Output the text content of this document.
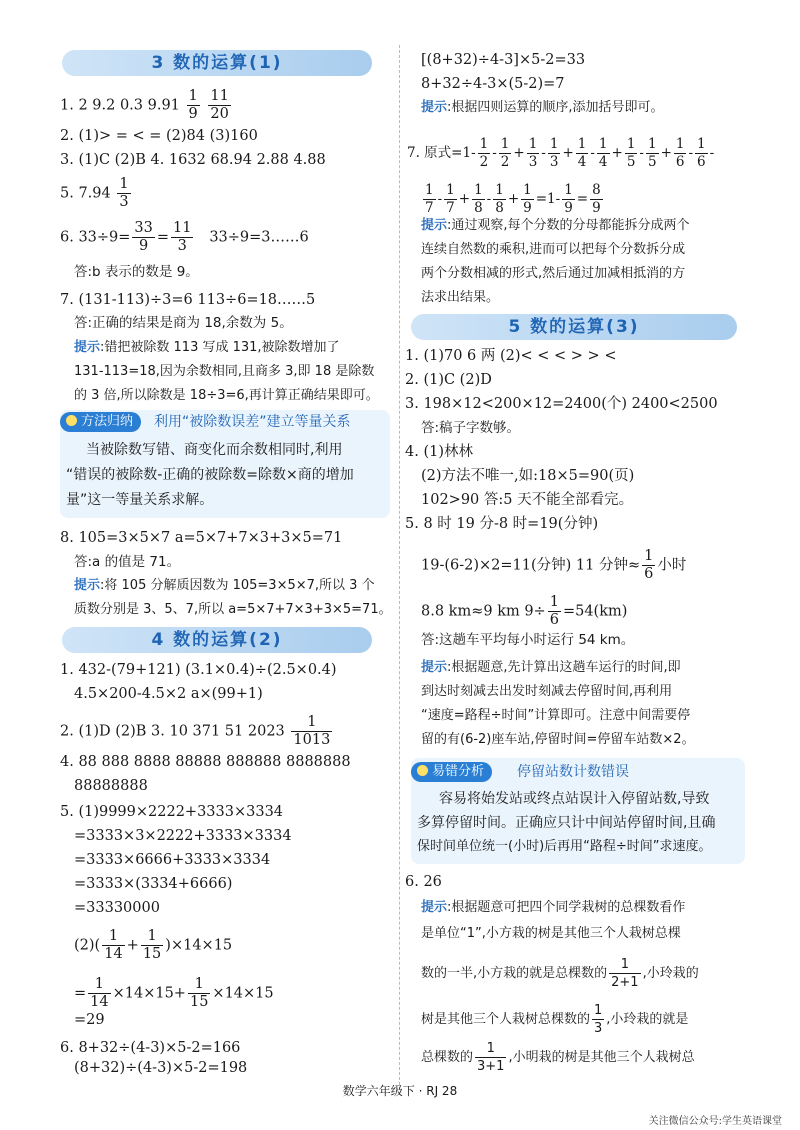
3 数的运算(1)
1. 2 9.2 0.3 $9.91 \frac{1}{9}$
$\frac{11}{20}$
2. (1)> = < = (2)84 (3)160
3. (1)C (2)B 4. 1632 68.94 2.88 4.88
5. $7.94 \frac{1}{3}$
6. $33\div 9= \frac{33}{9} = \frac{11}{3}$ 33÷9=3……6
答:b 表示的数是 9。
7. (131-113)÷3=6 113÷6=18……5
答:正确的结果是商为 18,余数为 5。
提示:错把被除数 113 写成 131,被除数增加了
131-113=18,因为余数相同,且商多 3,即 18 是除数
的 3 倍,所以除数是 18÷3=6,再计算正确结果即可。
方法归纳	利用“被除数误差”建立等量关系
当被除数写错、商变化而余数相同时,利用
“错误的被除数-正确的被除数=除数×商的增加
量”这一等量关系求解。
8. 105=3×5×7 a=5×7+7×3+3×5=71
答:a 的值是 71。
提示:将 105 分解质因数为 105=3×5×7,所以 3 个
质数分别是 3、5、7,所以 a=5×7+7×3+3×5=71。
4 数的运算(2)
1. 432-(79+121) (3.1×0.4)÷(2.5×0.4)
4.5×200-4.5×2 a×(99+1)
2. (1)D (2)B 3. 10 371 51 $2023 \frac{1}{1013}$
4. 88 888 8888 88888 888888 8888888
88888888
5. (1)9999×2222+3333×3334
=3333×3×2222+3333×3334
=3333×6666+3333×3334
=3333×(3334+6666)
=33330000
$(2)( \frac{1}{14} + \frac{1}{15} )\times 14\times 15$
= $\frac{1}{14} \times 14\times 15+ \frac{1}{15} \times 14\times 15$
=29
6. 8+32÷(4-3)×5-2=166
(8+32)÷(4-3)×5-2=198
[(8+32)÷4-3]×5-2=33
8+32÷4-3×(5-2)=7
提示:根据四则运算的顺序,添加括号即可。
7. 原式$=1- \frac{1}{2} - \frac{1}{2} + \frac{1}{3} - \frac{1}{3} + \frac{1}{4} - \frac{1}{4} + \frac{1}{5} - \frac{1}{5} + \frac{1}{6} - \frac{1}{6}$ -
$\frac{1}{7} - \frac{1}{7} + \frac{1}{8} - \frac{1}{8} + \frac{1}{9} =1- \frac{1}{9} = \frac{8}{9}$
提示:通过观察,每个分数的分母都能拆分成两个
连续自然数的乘积,进而可以把每个分数拆分成
两个分数相减的形式,然后通过加减相抵消的方
法求出结果。
5 数的运算(3)
1. (1)70 6 两 (2)< < < > > <
2. (1)C (2)D
3. 198×12<200×12=2400(个) 2400<2500
答:稿子字数够。
4. (1)林林
(2)方法不唯一,如:18×5=90(页)
102>90 答:5 天不能全部看完。
5. 8 时 19 分-8 时=19(分钟)
19-(6-2)×2=11(分钟) 11 分钟≈ $\frac{1}{6}$ 小时
8.8 km≈9 km $9\div \frac{1}{6} =54(km)$
答:这趟车平均每小时运行 54 km。
提示:根据题意,先计算出这趟车运行的时间,即
到达时刻减去出发时刻减去停留时间,再利用
“速度=路程÷时间”计算即可。注意中间需要停
留的有(6-2)座车站,停留时间=停留车站数×2。
易错分析	停留站数计数错误
容易将始发站或终点站误计入停留站数,导致
多算停留时间。正确应只计中间站停留时间,且确
保时间单位统一(小时)后再用“路程÷时间”求速度。
6. 26
提示:根据题意可把四个同学栽树的总棵数看作
是单位“1”,小方栽的树是其他三个人栽树总棵
数的一半,小方栽的就是总棵数的 $\frac{1}{2+1}$ ,小玲栽的
树是其他三个人栽树总棵数的 $\frac{1}{3}$ ,小玲栽的就是
总棵数的 $\frac{1}{3+1}$ ,小明栽的树是其他三个人栽树总
数学六年级下 · RJ 28
关注微信公众号:学生英语课堂
